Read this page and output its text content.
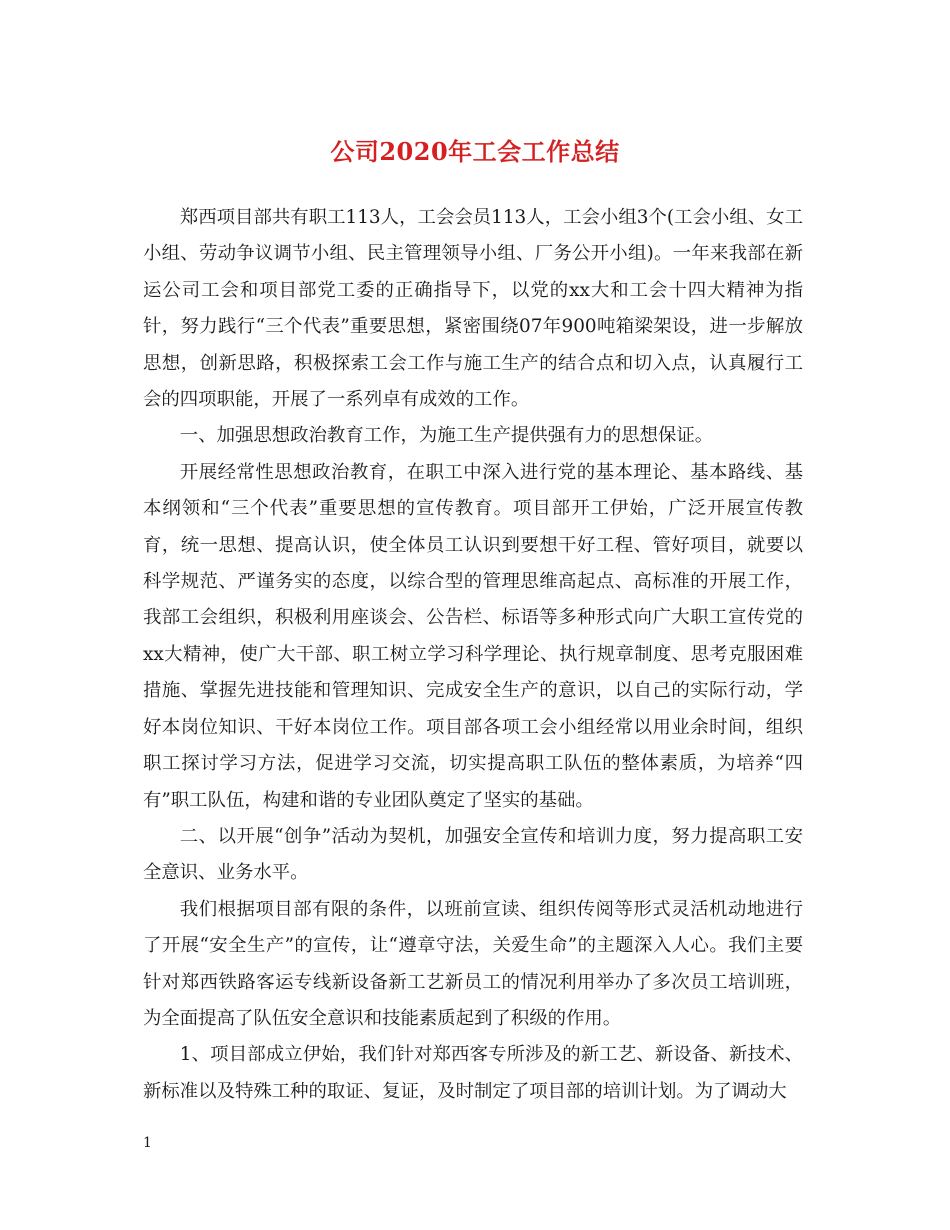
公司2020年工会工作总结

郑西项目部共有职工113人，工会会员113人，工会小组3个(工会小组、女工小组、劳动争议调节小组、民主管理领导小组、厂务公开小组)。一年来我部在新运公司工会和项目部党工委的正确指导下，以党的xx大和工会十四大精神为指针，努力践行“三个代表”重要思想，紧密围绕07年900吨箱梁架设，进一步解放思想，创新思路，积极探索工会工作与施工生产的结合点和切入点，认真履行工会的四项职能，开展了一系列卓有成效的工作。

一、加强思想政治教育工作，为施工生产提供强有力的思想保证。

开展经常性思想政治教育，在职工中深入进行党的基本理论、基本路线、基本纲领和“三个代表”重要思想的宣传教育。项目部开工伊始，广泛开展宣传教育，统一思想、提高认识，使全体员工认识到要想干好工程、管好项目，就要以科学规范、严谨务实的态度，以综合型的管理思维高起点、高标准的开展工作，我部工会组织，积极利用座谈会、公告栏、标语等多种形式向广大职工宣传党的xx大精神，使广大干部、职工树立学习科学理论、执行规章制度、思考克服困难措施、掌握先进技能和管理知识、完成安全生产的意识，以自己的实际行动，学好本岗位知识、干好本岗位工作。项目部各项工会小组经常以用业余时间，组织职工探讨学习方法，促进学习交流，切实提高职工队伍的整体素质，为培养“四有”职工队伍，构建和谐的专业团队奠定了坚实的基础。

二、以开展“创争”活动为契机，加强安全宣传和培训力度，努力提高职工安全意识、业务水平。

我们根据项目部有限的条件，以班前宣读、组织传阅等形式灵活机动地进行了开展“安全生产”的宣传，让“遵章守法，关爱生命”的主题深入人心。我们主要针对郑西铁路客运专线新设备新工艺新员工的情况利用举办了多次员工培训班，为全面提高了队伍安全意识和技能素质起到了积级的作用。

1、项目部成立伊始，我们针对郑西客专所涉及的新工艺、新设备、新技术、新标准以及特殊工种的取证、复证，及时制定了项目部的培训计划。为了调动大

1
